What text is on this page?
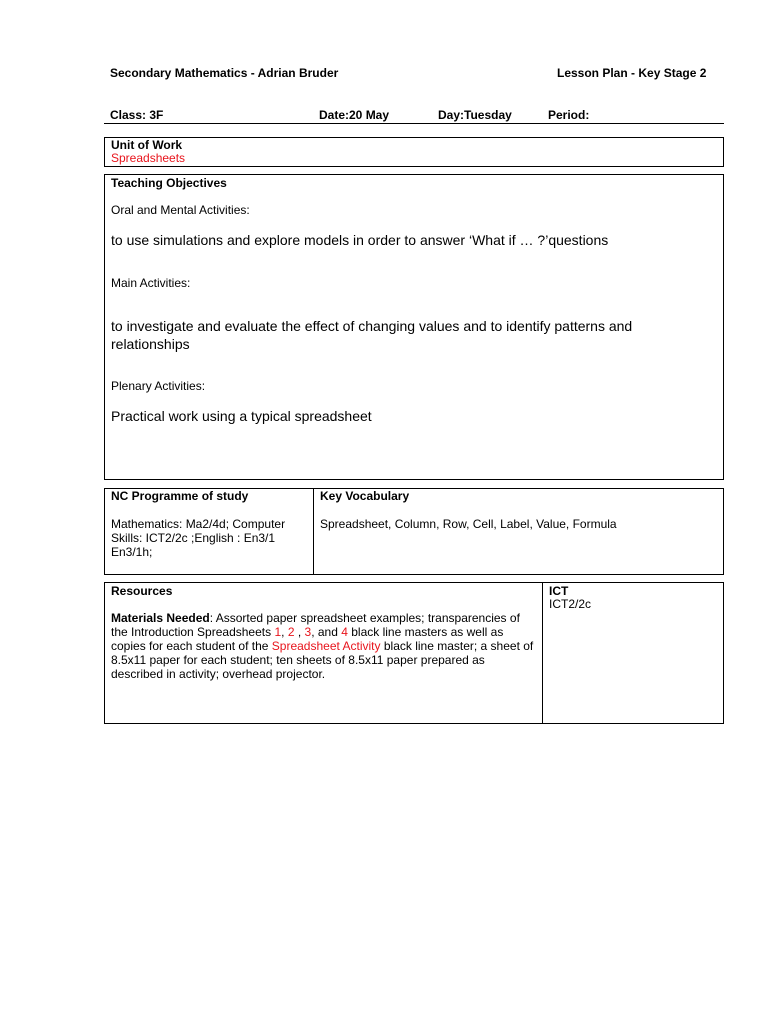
Secondary Mathematics - Adrian Bruder	Lesson Plan - Key Stage 2
Class: 3F	Date:20 May	Day:Tuesday	Period:
Unit of Work
Spreadsheets
Teaching Objectives
Oral and Mental Activities:
to use simulations and explore models in order to answer ‘What if … ?’questions
Main Activities:
to investigate and evaluate the effect of changing values and to identify patterns and relationships
Plenary Activities:
Practical work using a typical spreadsheet
NC Programme of study
Mathematics: Ma2/4d; Computer Skills: ICT2/2c ;English : En3/1 En3/1h;
Key Vocabulary
Spreadsheet, Column, Row, Cell, Label, Value, Formula
Resources
Materials Needed: Assorted paper spreadsheet examples; transparencies of the Introduction Spreadsheets 1, 2 , 3, and 4 black line masters as well as copies for each student of the Spreadsheet Activity black line master; a sheet of 8.5x11 paper for each student; ten sheets of 8.5x11 paper prepared as described in activity; overhead projector.
ICT
ICT2/2c
